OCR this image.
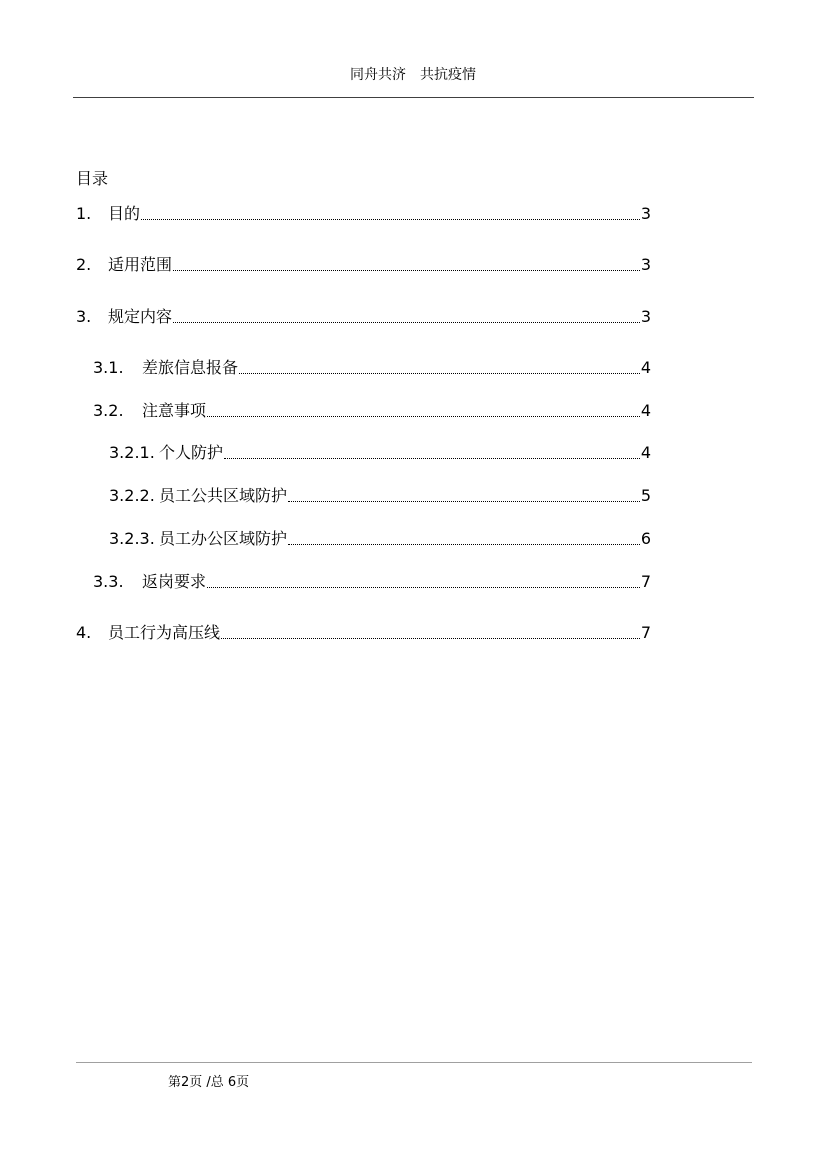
同舟共济　共抗疫情
目录
1.	目的	3
2.	适用范围	3
3.	规定内容	3
3.1.	差旅信息报备	4
3.2.	注意事项	4
3.2.1. 个人防护	4
3.2.2. 员工公共区域防护	5
3.2.3. 员工办公区域防护	6
3.3.	返岗要求	7
4.	员工行为高压线	7
第2页 /总 6页
